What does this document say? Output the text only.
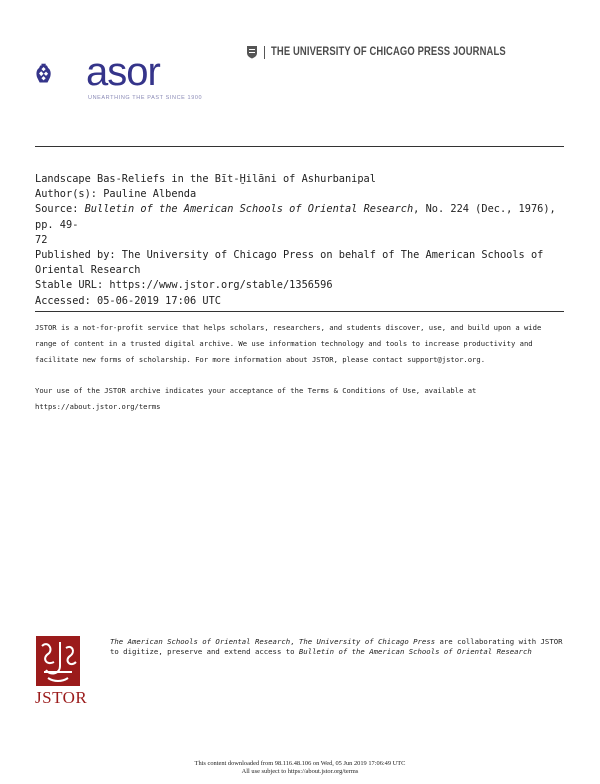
asor
UNEARTHING THE PAST SINCE 1900
THE UNIVERSITY OF CHICAGO PRESS JOURNALS
Landscape Bas-Reliefs in the Bīt-Ḫilāni of Ashurbanipal
Author(s): Pauline Albenda
Source: Bulletin of the American Schools of Oriental Research, No. 224 (Dec., 1976), pp. 49-
72
Published by: The University of Chicago Press on behalf of The American Schools of
Oriental Research
Stable URL: https://www.jstor.org/stable/1356596
Accessed: 05-06-2019 17:06 UTC

JSTOR is a not-for-profit service that helps scholars, researchers, and students discover, use, and build upon a wide range of content in a trusted digital archive. We use information technology and tools to increase productivity and facilitate new forms of scholarship. For more information about JSTOR, please contact support@jstor.org.

Your use of the JSTOR archive indicates your acceptance of the Terms & Conditions of Use, available at https://about.jstor.org/terms

JSTOR
The American Schools of Oriental Research, The University of Chicago Press are collaborating with JSTOR to digitize, preserve and extend access to Bulletin of the American Schools of Oriental Research
This content downloaded from 98.116.48.106 on Wed, 05 Jun 2019 17:06:49 UTC
All use subject to https://about.jstor.org/terms
